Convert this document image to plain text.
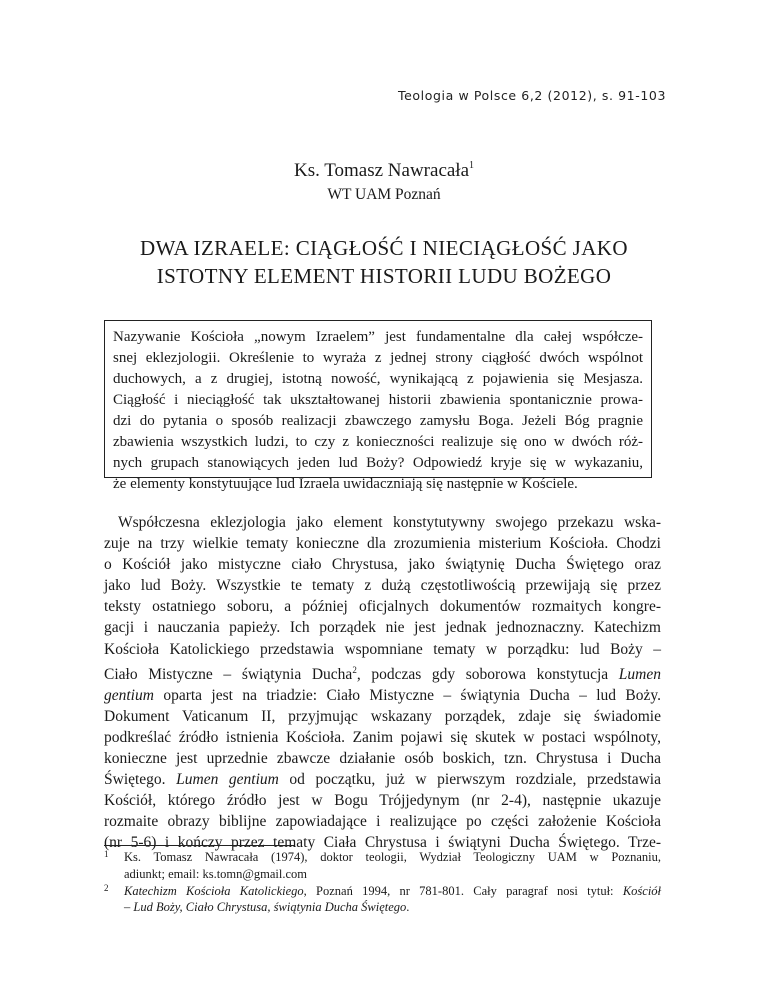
Teologia w Polsce 6,2 (2012), s. 91-103
Ks. Tomasz Nawracała$^1$
WT UAM Poznań
DWA IZRAELE: CIĄGŁOŚĆ I NIECIĄGŁOŚĆ JAKO
ISTOTNY ELEMENT HISTORII LUDU BOŻEGO
Nazywanie Kościoła „nowym Izraelem” jest fundamentalne dla całej współcze-
snej eklezjologii. Określenie to wyraża z jednej strony ciągłość dwóch wspólnot
duchowych, a z drugiej, istotną nowość, wynikającą z pojawienia się Mesjasza.
Ciągłość i nieciągłość tak ukształtowanej historii zbawienia spontanicznie prowa-
dzi do pytania o sposób realizacji zbawczego zamysłu Boga. Jeżeli Bóg pragnie
zbawienia wszystkich ludzi, to czy z konieczności realizuje się ono w dwóch róż-
nych grupach stanowiących jeden lud Boży? Odpowiedź kryje się w wykazaniu,
że elementy konstytuujące lud Izraela uwidaczniają się następnie w Kościele.
Współczesna eklezjologia jako element konstytutywny swojego przekazu wska-
zuje na trzy wielkie tematy konieczne dla zrozumienia misterium Kościoła. Chodzi
o Kościół jako mistyczne ciało Chrystusa, jako świątynię Ducha Świętego oraz
jako lud Boży. Wszystkie te tematy z dużą częstotliwością przewijają się przez
teksty ostatniego soboru, a później oficjalnych dokumentów rozmaitych kongre-
gacji i nauczania papieży. Ich porządek nie jest jednak jednoznaczny. Katechizm
Kościoła Katolickiego przedstawia wspomniane tematy w porządku: lud Boży –
Ciało Mistyczne – świątynia Ducha$^2$, podczas gdy soborowa konstytucja Lumen
gentium oparta jest na triadzie: Ciało Mistyczne – świątynia Ducha – lud Boży.
Dokument Vaticanum II, przyjmując wskazany porządek, zdaje się świadomie
podkreślać źródło istnienia Kościoła. Zanim pojawi się skutek w postaci wspólnoty,
konieczne jest uprzednie zbawcze działanie osób boskich, tzn. Chrystusa i Ducha
Świętego. Lumen gentium od początku, już w pierwszym rozdziale, przedstawia
Kościół, którego źródło jest w Bogu Trójjedynym (nr 2-4), następnie ukazuje
rozmaite obrazy biblijne zapowiadające i realizujące po części założenie Kościoła
(nr 5-6) i kończy przez tematy Ciała Chrystusa i świątyni Ducha Świętego. Trze-
1 Ks. Tomasz Nawracała (1974), doktor teologii, Wydział Teologiczny UAM w Poznaniu,
adiunkt; email: ks.tomn@gmail.com
2 Katechizm Kościoła Katolickiego, Poznań 1994, nr 781-801. Cały paragraf nosi tytuł: Kościół
– Lud Boży, Ciało Chrystusa, świątynia Ducha Świętego.
